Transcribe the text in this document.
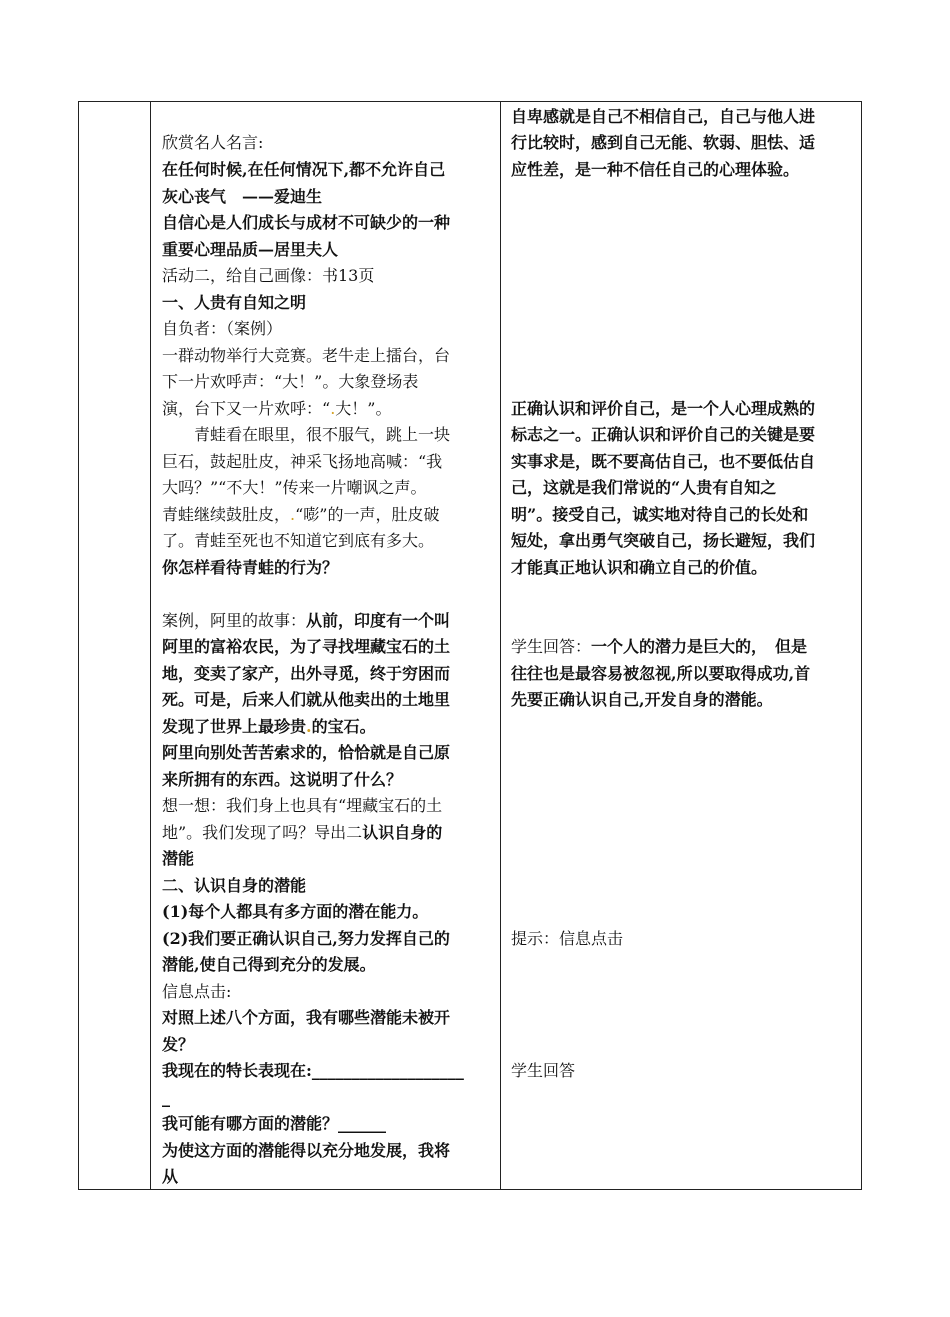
欣赏名人名言:
在任何时候,在任何情况下,都不允许自己
灰心丧气　——爱迪生
自信心是人们成长与成材不可缺少的一种
重要心理品质—居里夫人
活动二，给自己画像：书13页
一、人贵有自知之明
自负者：（案例）
一群动物举行大竞赛。老牛走上擂台，台
下一片欢呼声：“大！”。大象登场表
演，台下又一片欢呼：“.大！”。
　　青蛙看在眼里，很不服气，跳上一块
巨石，鼓起肚皮，神采飞扬地高喊：“我
大吗？”“不大！”传来一片嘲讽之声。
青蛙继续鼓肚皮，.“嘭”的一声，肚皮破
了。青蛙至死也不知道它到底有多大。
你怎样看待青蛙的行为？
案例，阿里的故事：从前，印度有一个叫
阿里的富裕农民，为了寻找埋藏宝石的土
地，变卖了家产，出外寻觅，终于穷困而
死。可是，后来人们就从他卖出的土地里
发现了世界上最珍贵.的宝石。
阿里向别处苦苦索求的，恰恰就是自己原
来所拥有的东西。这说明了什么？
想一想：我们身上也具有“埋藏宝石的土
地”。我们发现了吗？导出二认识自身的
潜能
二、认识自身的潜能
(1)每个人都具有多方面的潜在能力。
(2)我们要正确认识自己,努力发挥自己的
潜能,使自己得到充分的发展。
信息点击:
对照上述八个方面，我有哪些潜能未被开
发？
我现在的特长表现在:___________________
_
我可能有哪方面的潜能？______
为使这方面的潜能得以充分地发展，我将
从
自卑感就是自己不相信自己，自己与他人进
行比较时，感到自己无能、软弱、胆怯、适
应性差，是一种不信任自己的心理体验。
正确认识和评价自己，是一个人心理成熟的
标志之一。正确认识和评价自己的关键是要
实事求是，既不要高估自己，也不要低估自
己，这就是我们常说的“人贵有自知之
明”。接受自己，诚实地对待自己的长处和
短处，拿出勇气突破自己，扬长避短，我们
才能真正地认识和确立自己的价值。
学生回答：一个人的潜力是巨大的，　但是
往往也是最容易被忽视,所以要取得成功,首
先要正确认识自己,开发自身的潜能。
提示：信息点击
学生回答
